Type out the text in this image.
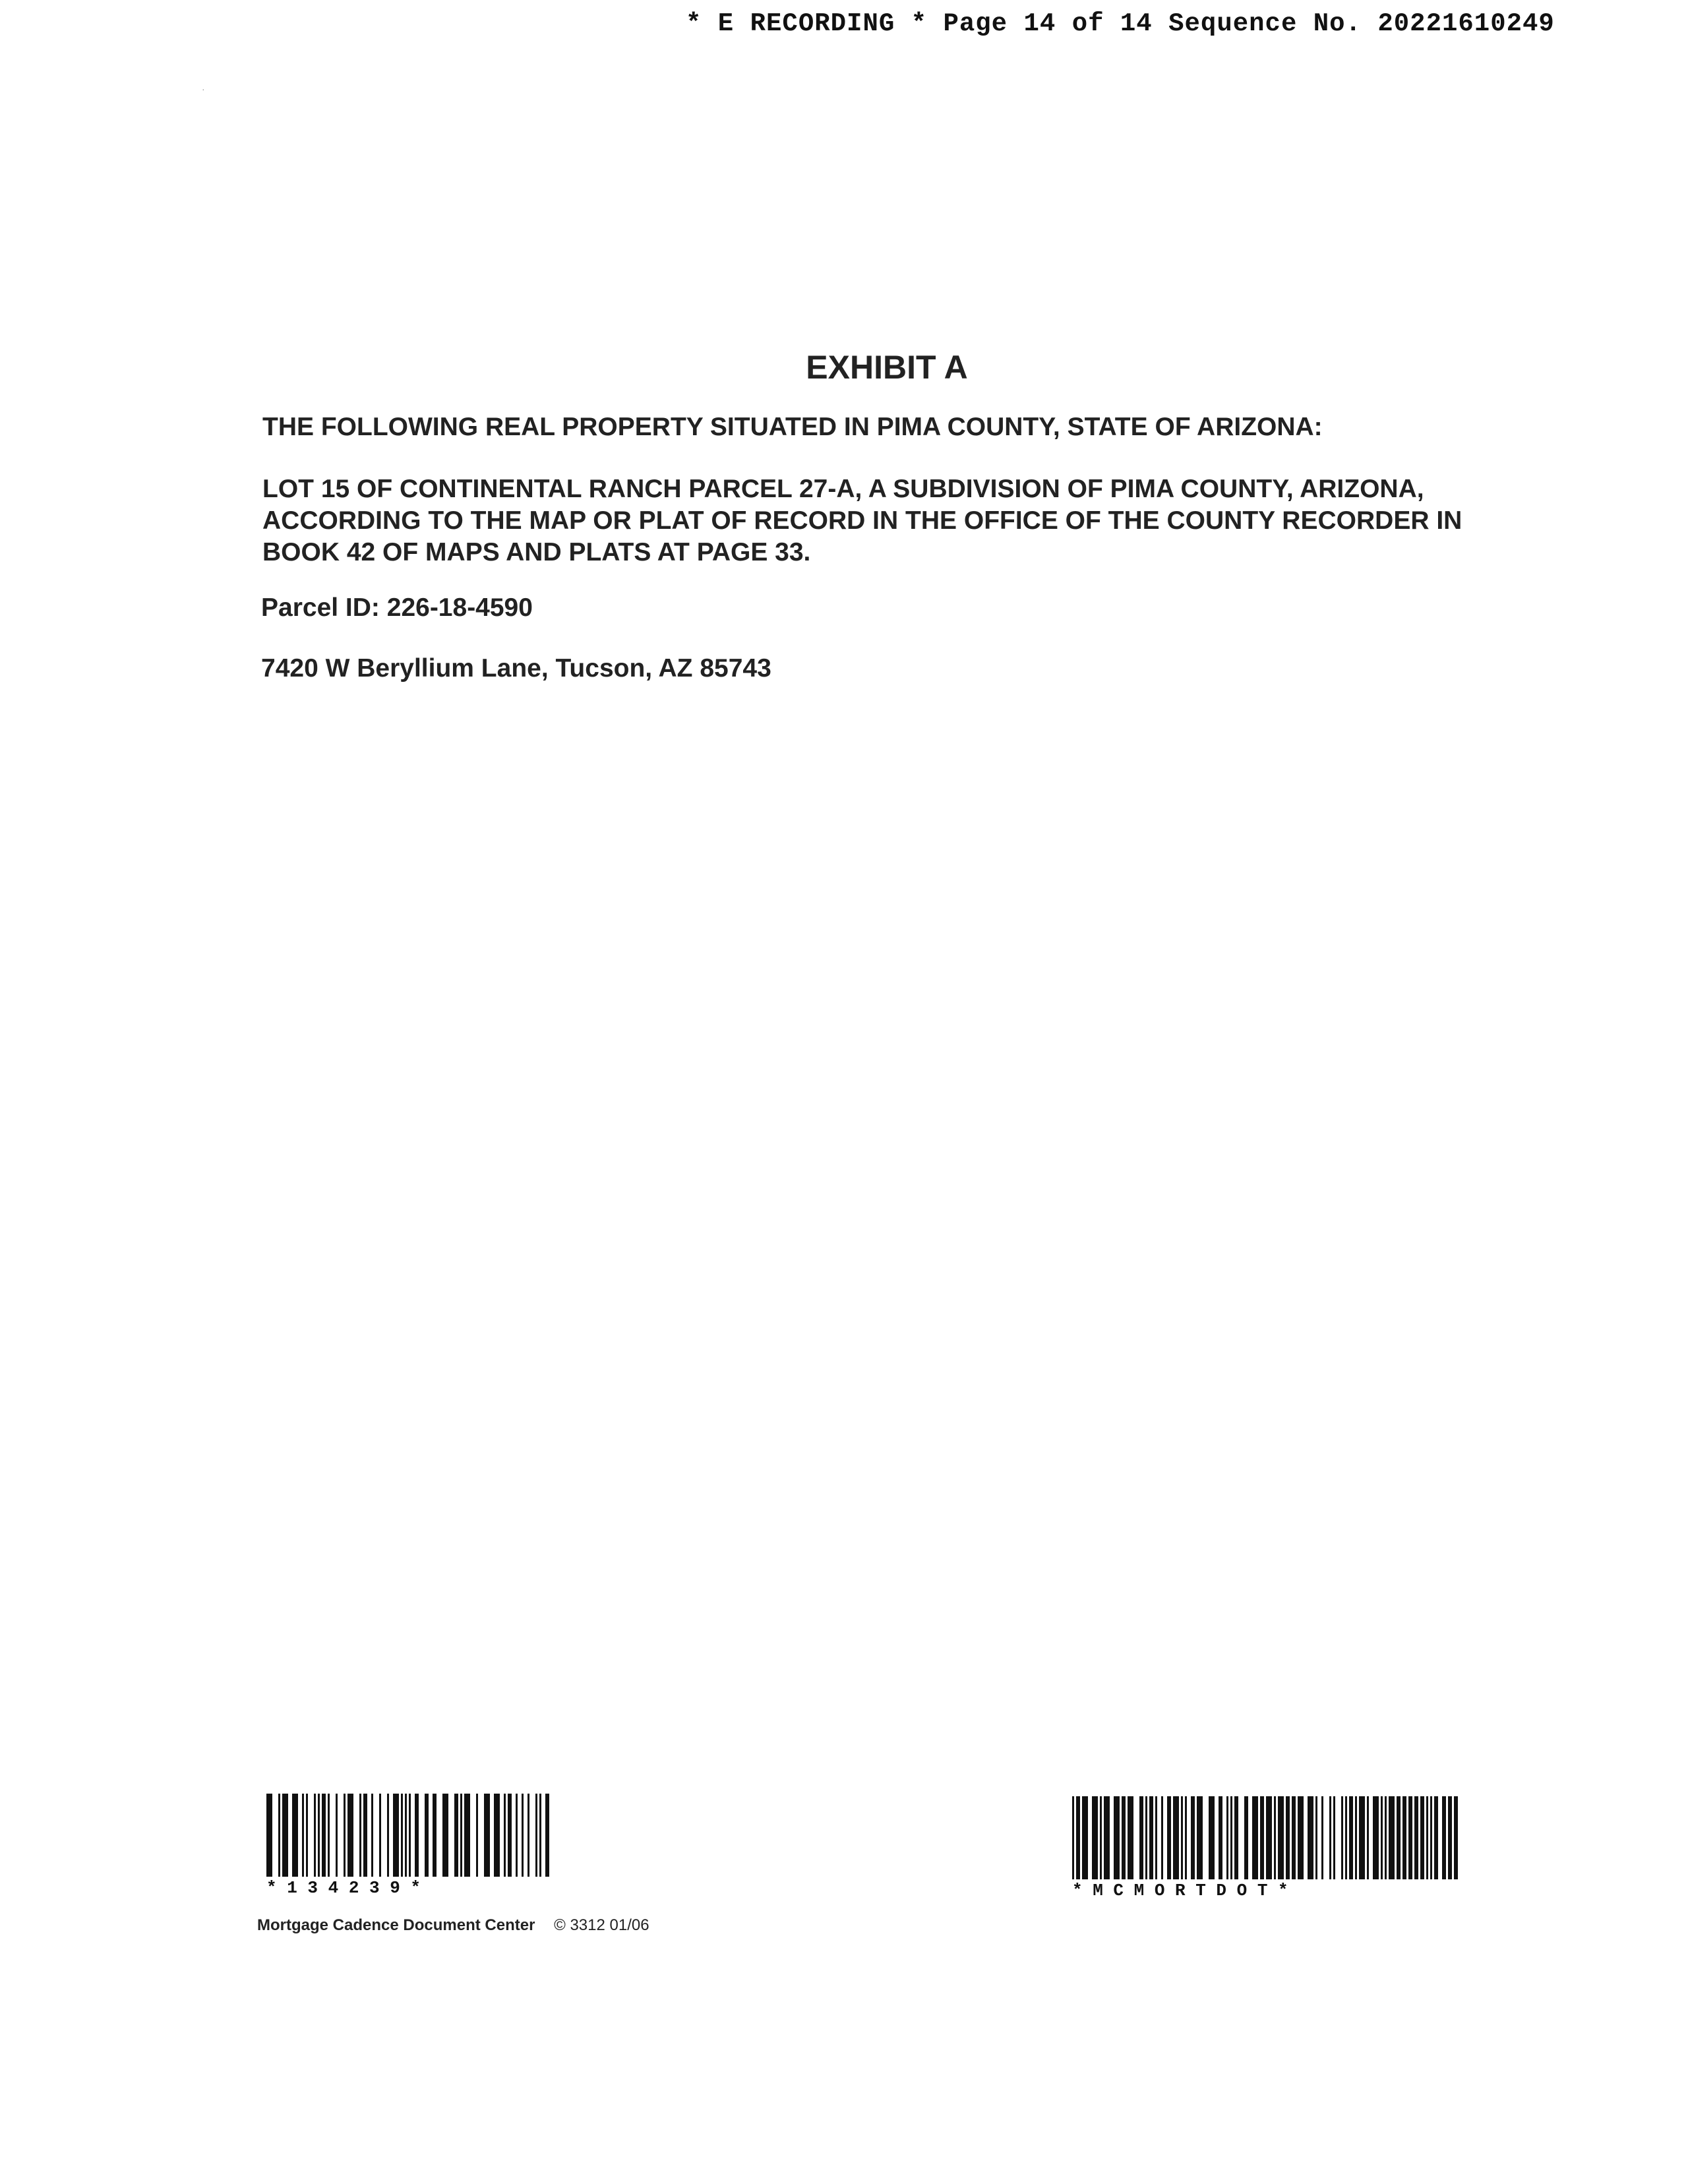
* E RECORDING * Page 14 of 14 Sequence No. 20221610249
·
EXHIBIT A
THE FOLLOWING REAL PROPERTY SITUATED IN PIMA COUNTY, STATE OF ARIZONA:
LOT 15 OF CONTINENTAL RANCH PARCEL 27-A, A SUBDIVISION OF PIMA COUNTY, ARIZONA,
ACCORDING TO THE MAP OR PLAT OF RECORD IN THE OFFICE OF THE COUNTY RECORDER IN
BOOK 42 OF MAPS AND PLATS AT PAGE 33.
Parcel ID: 226-18-4590
7420 W Beryllium Lane, Tucson, AZ 85743
* 1 3 4 2 3 9 *	* M C M O R T D O T *
Mortgage Cadence Document Center © 3312 01/06
